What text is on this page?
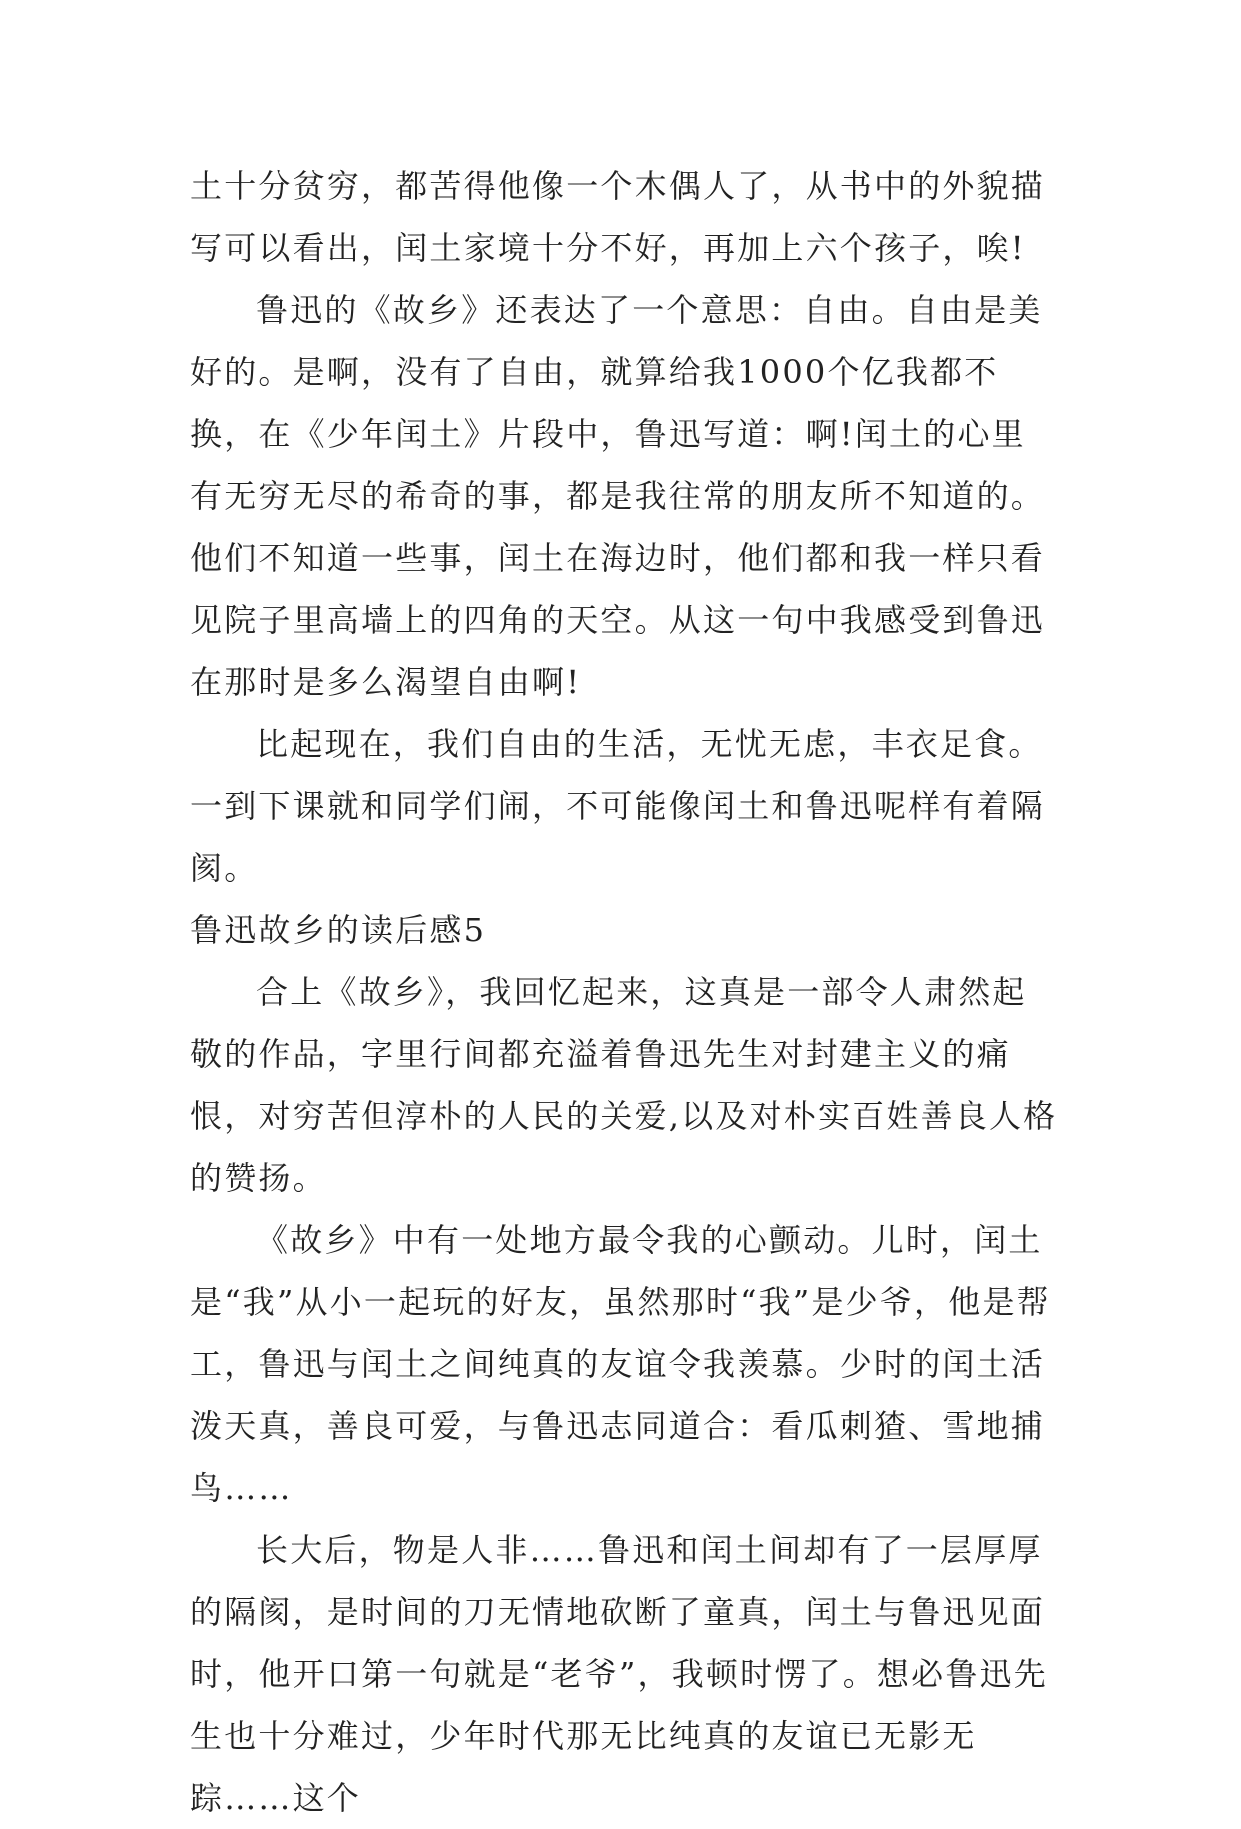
土十分贫穷，都苦得他像一个木偶人了，从书中的外貌描写可以看出，闰土家境十分不好，再加上六个孩子，唉!

鲁迅的《故乡》还表达了一个意思：自由。自由是美好的。是啊，没有了自由，就算给我1000个亿我都不换，在《少年闰土》片段中，鲁迅写道：啊!闰土的心里有无穷无尽的希奇的事，都是我往常的朋友所不知道的。他们不知道一些事，闰土在海边时，他们都和我一样只看见院子里高墙上的四角的天空。从这一句中我感受到鲁迅在那时是多么渴望自由啊!

比起现在，我们自由的生活，无忧无虑，丰衣足食。一到下课就和同学们闹，不可能像闰土和鲁迅呢样有着隔阂。

鲁迅故乡的读后感5

合上《故乡》，我回忆起来，这真是一部令人肃然起敬的作品，字里行间都充溢着鲁迅先生对封建主义的痛恨，对穷苦但淳朴的人民的关爱,以及对朴实百姓善良人格的赞扬。

《故乡》中有一处地方最令我的心颤动。儿时，闰土是“我”从小一起玩的好友，虽然那时“我”是少爷，他是帮工，鲁迅与闰土之间纯真的友谊令我羡慕。少时的闰土活泼天真，善良可爱，与鲁迅志同道合：看瓜刺猹、雪地捕鸟……

长大后，物是人非……鲁迅和闰土间却有了一层厚厚的隔阂，是时间的刀无情地砍断了童真，闰土与鲁迅见面时，他开口第一句就是“老爷”，我顿时愣了。想必鲁迅先生也十分难过，少年时代那无比纯真的友谊已无影无踪……这个
